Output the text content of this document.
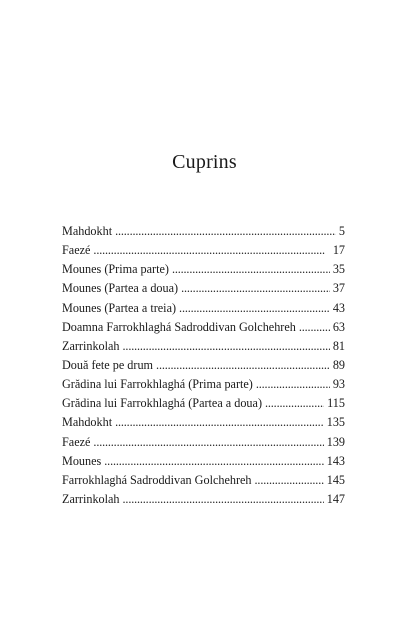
Cuprins
Mahdokht . . .	5
Faezé . . .	17
Mounes (Prima parte) . . .	35
Mounes (Partea a doua) . . .	37
Mounes (Partea a treia) . . .	43
Doamna Farrokhlaghá Sadroddivan Golchehreh . . .	63
Zarrinkolah . . .	81
Două fete pe drum . . .	89
Grădina lui Farrokhlaghá (Prima parte) . . .	93
Grădina lui Farrokhlaghá (Partea a doua) . . .	115
Mahdokht . . .	135
Faezé . . .	139
Mounes . . .	143
Farrokhlaghá Sadroddivan Golchehreh . . .	145
Zarrinkolah . . .	147
